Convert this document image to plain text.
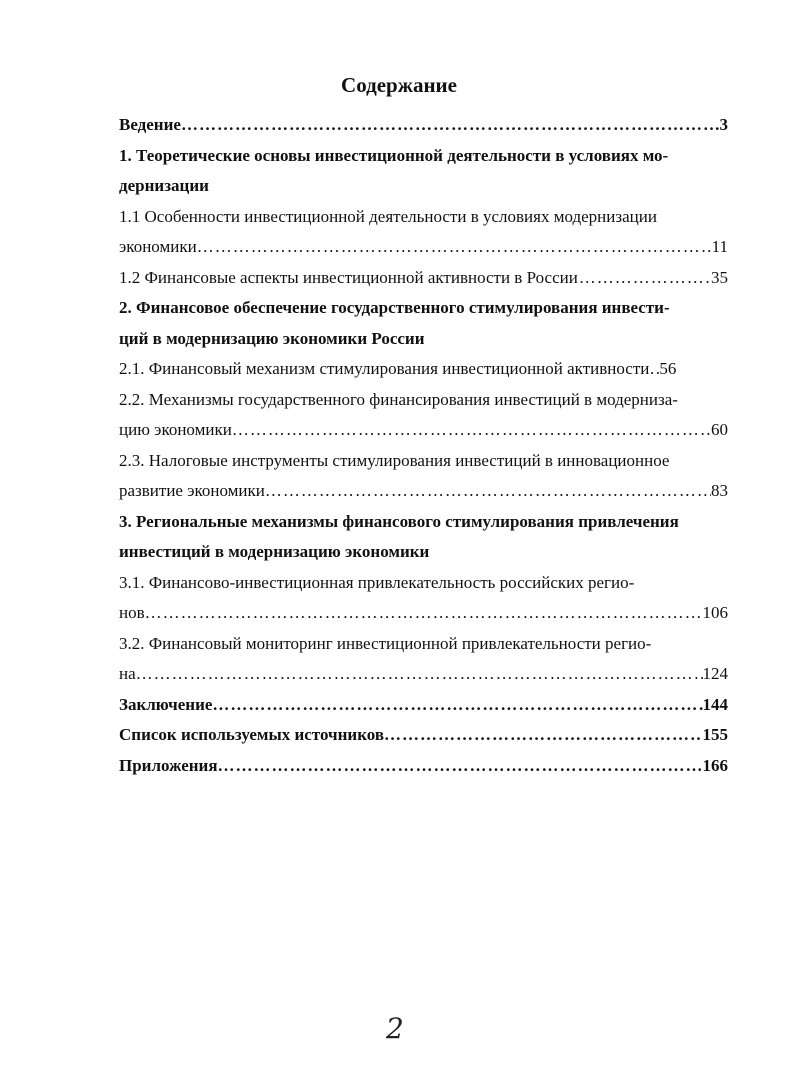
Содержание
Ведение …………………………………………………………………………………………………………………………	3
1. Теоретические основы инвестиционной деятельности в условиях мо-
дернизации
1.1 Особенности инвестиционной деятельности в условиях модернизации
экономики …………………………………………………………………………………………………………………………	11
1.2 Финансовые аспекты инвестиционной активности в России …………………………………………………………………………………………………………………………	35
2. Финансовое обеспечение государственного стимулирования инвести-
ций в модернизацию экономики России
2.1. Финансовый механизм стимулирования инвестиционной активности ………………………………………………………………………………………………………………………… 56
2.2. Механизмы государственного финансирования инвестиций в модерниза-
цию экономики …………………………………………………………………………………………………………………………	60
2.3. Налоговые инструменты стимулирования инвестиций в инновационное
развитие экономики …………………………………………………………………………………………………………………………	83
3. Региональные механизмы финансового стимулирования привлечения
инвестиций в модернизацию экономики
3.1. Финансово-инвестиционная привлекательность российских регио-
нов …………………………………………………………………………………………………………………………	106
3.2. Финансовый мониторинг инвестиционной привлекательности регио-
на …………………………………………………………………………………………………………………………	124
Заключение …………………………………………………………………………………………………………………………	144
Список используемых источников …………………………………………………………………………………………………………………………	155
Приложения …………………………………………………………………………………………………………………………	166
2
